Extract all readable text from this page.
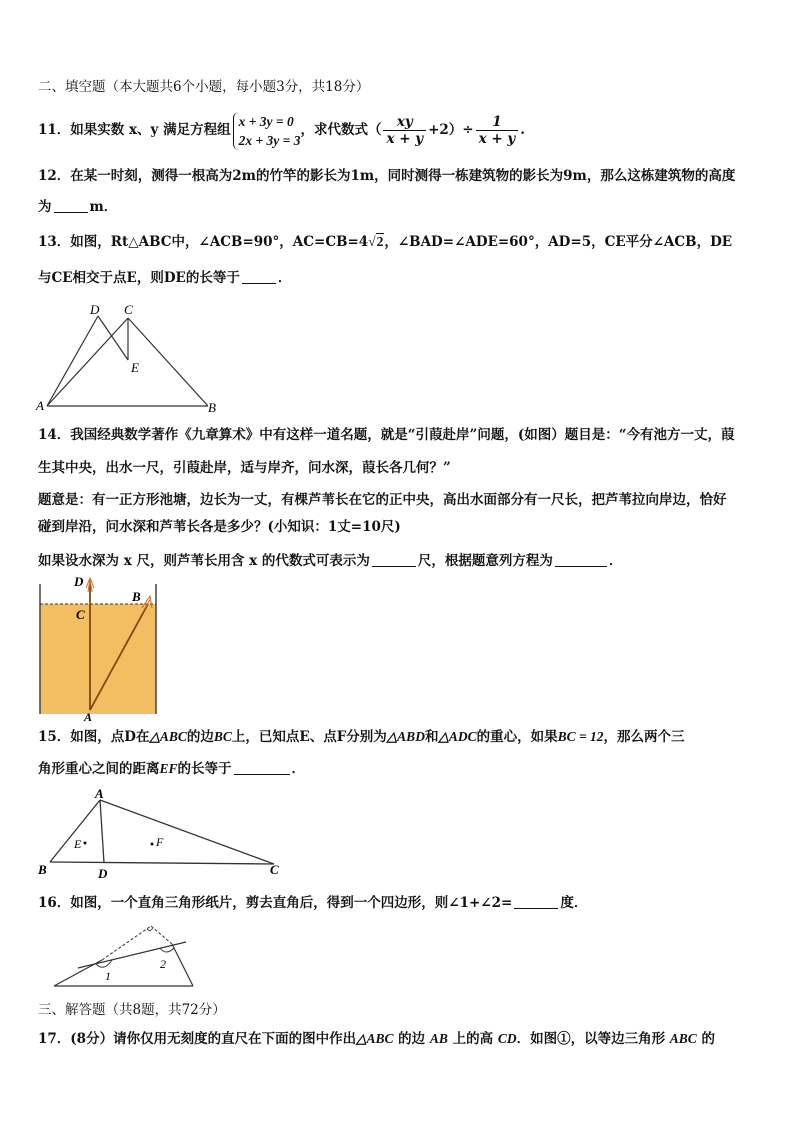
二、填空题（本大题共6个小题，每小题3分，共18分）
11．如果实数 x、y 满足方程组
x + 3y = 0
2x + 3y = 3
，求代数式（ $\frac{xy}{x + y} +2)\div \frac{1}{x + y}$ .
12．在某一时刻，测得一根高为2m的竹竿的影长为1m，同时测得一栋建筑物的影长为9m，那么这栋建筑物的高度
为	m．
13．如图，Rt△ABC中，∠ACB=90°，AC=CB=4√2，∠BAD=∠ADE=60°，AD=5，CE平分∠ACB，DE
与CE相交于点E，则DE的长等于	．
D C
E
A	B
14．我国经典数学著作《九章算术》中有这样一道名题，就是“引葭赴岸”问题，(如图）题目是：“今有池方一丈，葭
生其中央，出水一尺，引葭赴岸，适与岸齐，问水深，葭长各几何？”
题意是：有一正方形池塘，边长为一丈，有棵芦苇长在它的正中央，高出水面部分有一尺长，把芦苇拉向岸边，恰好
碰到岸沿，问水深和芦苇长各是多少？(小知识：1丈=10尺)
如果设水深为 x 尺，则芦苇长用含 x 的代数式可表示为	尺，根据题意列方程为	．
D
B
C
A
15．如图，点D在△ABC的边BC上，已知点E、点F分别为△ABD和△ADC的重心，如果BC = 12，那么两个三
角形重心之间的距离EF的长等于	．
A
B	C
D
E	F
16．如图，一个直角三角形纸片，剪去直角后，得到一个四边形，则∠1+∠2=	度．
1
2
三、解答题（共8题，共72分）
17．(8分）请你仅用无刻度的直尺在下面的图中作出△ABC 的边 AB 上的高 CD．如图①，以等边三角形 ABC 的
